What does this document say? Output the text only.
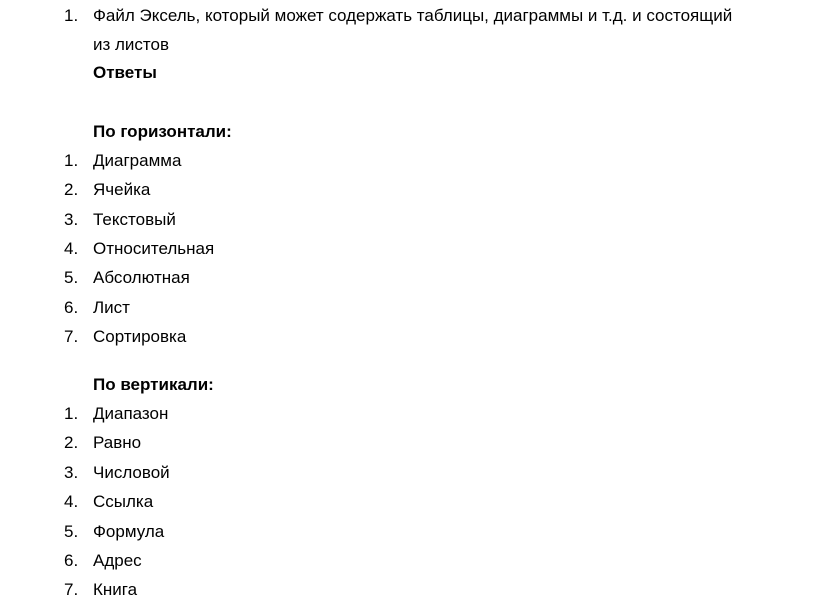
1. Файл Эксель, который может содержать таблицы, диаграммы и т.д. и состоящий
из листов
Ответы
По горизонтали:
1. Диаграмма
2. Ячейка
3. Текстовый
4. Относительная
5. Абсолютная
6. Лист
7. Сортировка
По вертикали:
1. Диапазон
2. Равно
3. Числовой
4. Ссылка
5. Формула
6. Адрес
7. Книга
